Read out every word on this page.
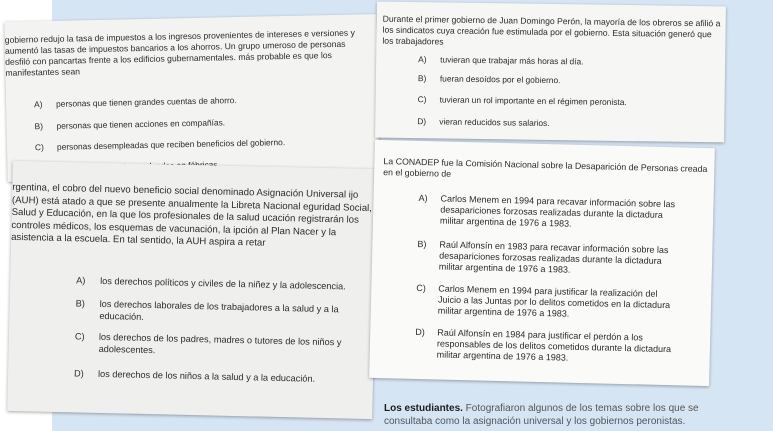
gobierno redujo la tasa de impuestos a los ingresos provenientes de intereses e versiones y aumentó las tasas de impuestos bancarios a los ahorros. Un grupo umeroso de personas desfiló con pancartas frente a los edificios gubernamentales. más probable es que los manifestantes sean

A) personas que tienen grandes cuentas de ahorro.
B) personas que tienen acciones en compañías.
C) personas desempleadas que reciben beneficios del gobierno.

Durante el primer gobierno de Juan Domingo Perón, la mayoría de los obreros se afilió a los sindicatos cuya creación fue estimulada por el gobierno. Esta situación generó que los trabajadores

A) tuvieran que trabajar más horas al día.
B) fueran desoídos por el gobierno.
C) tuvieran un rol importante en el régimen peronista.
D) vieran reducidos sus salarios.

rgentina, el cobro del nuevo beneficio social denominado Asignación Universal ijo (AUH) está atado a que se presente anualmente la Libreta Nacional eguridad Social, Salud y Educación, en la que los profesionales de la salud ucación registrarán los controles médicos, los esquemas de vacunación, la ipción al Plan Nacer y la asistencia a la escuela. En tal sentido, la AUH aspira a retar

A) los derechos políticos y civiles de la niñez y la adolescencia.
B) los derechos laborales de los trabajadores a la salud y a la educación.
C) los derechos de los padres, madres o tutores de los niños y adolescentes.
D) los derechos de los niños a la salud y a la educación.

La CONADEP fue la Comisión Nacional sobre la Desaparición de Personas creada en el gobierno de

A) Carlos Menem en 1994 para recavar información sobre las desapariciones forzosas realizadas durante la dictadura militar argentina de 1976 a 1983.
B) Raúl Alfonsín en 1983 para recavar información sobre las desapariciones forzosas realizadas durante la dictadura militar argentina de 1976 a 1983.
C) Carlos Menem en 1994 para justificar la realización del Juicio a las Juntas por lo delitos cometidos en la dictadura militar argentina de 1976 a 1983.
D) Raúl Alfonsín en 1984 para justificar el perdón a los responsables de los delitos cometidos durante la dictadura militar argentina de 1976 a 1983.

Los estudiantes. Fotografiaron algunos de los temas sobre los que se consultaba como la asignación universal y los gobiernos peronistas.
